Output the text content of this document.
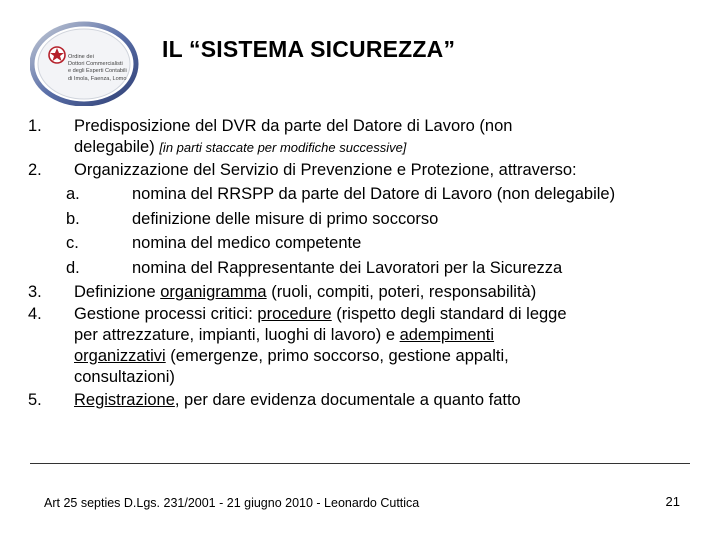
Ordine dei
Dottori Commercialisti
e degli Esperti Contabili
di Imola, Faenza, Lomo
IL “SISTEMA SICUREZZA”
1.	Predisposizione del DVR da parte del Datore di Lavoro (non
delegabile) [in parti staccate per modifiche successive]
2.	Organizzazione del Servizio di Prevenzione e Protezione, attraverso:
a.	nomina del RRSPP da parte del Datore di Lavoro (non delegabile)
b.	definizione delle misure di primo soccorso
c.	nomina del medico competente
d.	nomina del Rappresentante dei Lavoratori per la Sicurezza
3.	Definizione organigramma (ruoli, compiti, poteri, responsabilità)
4.	Gestione processi critici: procedure (rispetto degli standard di legge
per attrezzature, impianti, luoghi di lavoro) e adempimenti
organizzativi (emergenze, primo soccorso, gestione appalti,
consultazioni)
5.	Registrazione, per dare evidenza documentale a quanto fatto
Art 25 septies D.Lgs. 231/2001 - 21 giugno 2010 - Leonardo Cuttica	21
